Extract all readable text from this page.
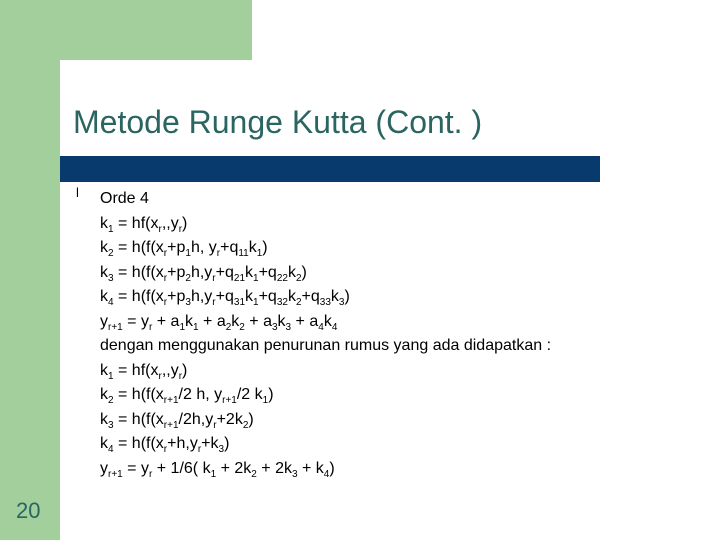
Metode Runge Kutta (Cont. )
l Orde 4
$k_1 = hf(x_r,,y_r)$
$k_2 = h(f(x_r+p_1h$, $y_r+q_{11}k_1$)
$k_3 = h(f(x_r+p_2h,y_r+q_{21}k_1+q_{22}k_2)$
$k_4 = h(f(x_r+p_3h,y_r+q_{31}k_1+q_{32}k_2+q_{33}k_3)$
$y_{r+1} = y_r + a_1k_1 + a_2k_2 + a_3k_3 + a_4k_4$
dengan menggunakan penurunan rumus yang ada didapatkan :
$k_1 = hf(x_r,,y_r)$
$k_2 = h(f(x_{r+1}/2$ h, $y_{r+1}/2$ $k_1$)
$k_3 = h(f(x_{r+1}/2h,y_r+2k_2)$
$k_4 = h(f(x_r+h,y_r+k_3)$
$y_{r+1} = y_r + 1/6$( $k_1 + 2k_2 + 2k_3 + k_4$)
20
